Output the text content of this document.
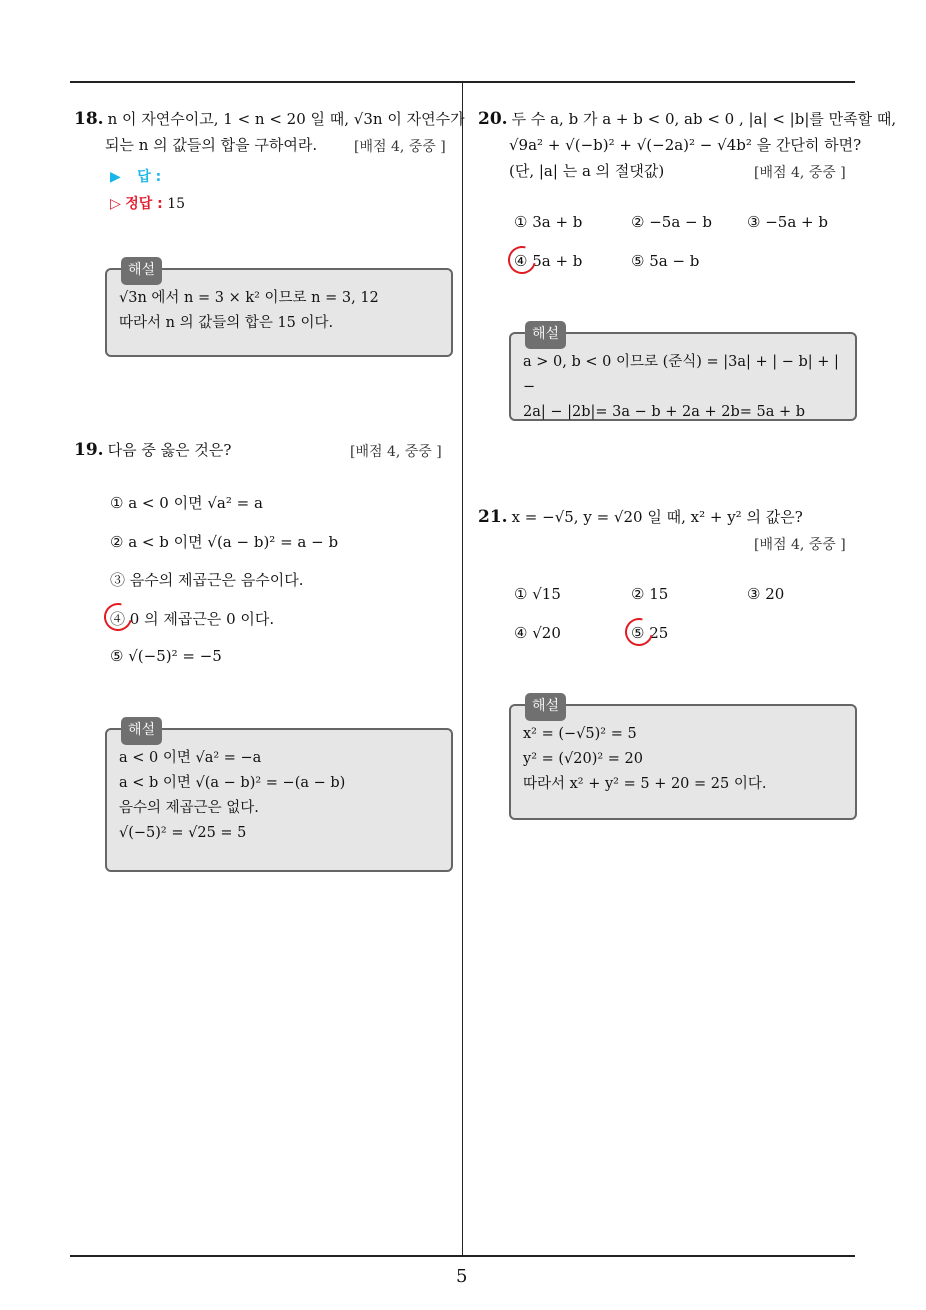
5
18. n 이 자연수이고, 1 < n < 20 일 때, √3n 이 자연수가
되는 n 의 값들의 합을 구하여라.	[배점 4, 중중 ]
▶ 답 :
▷ 정답 : 15
해설
√3n 에서 n = 3 × k² 이므로 n = 3, 12
따라서 n 의 값들의 합은 15 이다.
19. 다음 중 옳은 것은?	[배점 4, 중중 ]
① a < 0 이면 √a² = a
② a < b 이면 √(a − b)² = a − b
③ 음수의 제곱근은 음수이다.
④ 0 의 제곱근은 0 이다.
⑤ √(−5)² = −5
해설
a < 0 이면 √a² = −a
a < b 이면 √(a − b)² = −(a − b)
음수의 제곱근은 없다.
√(−5)² = √25 = 5
20. 두 수 a, b 가 a + b < 0, ab < 0 , |a| < |b|를 만족할 때,
√9a² + √(−b)² + √(−2a)² − √4b² 을 간단히 하면?
(단, |a| 는 a 의 절댓값)	[배점 4, 중중 ]
① 3a + b	② −5a − b ③ −5a + b
④ 5a + b	⑤ 5a − b
해설
a > 0, b < 0 이므로 (준식) = |3a| + | − b| + | −
2a| − |2b|= 3a − b + 2a + 2b= 5a + b
21. x = −√5, y = √20 일 때, x² + y² 의 값은?
[배점 4, 중중 ]
① √15	② 15	③ 20
④ √20	⑤ 25
해설
x² = (−√5)² = 5
y² = (√20)² = 20
따라서 x² + y² = 5 + 20 = 25 이다.
